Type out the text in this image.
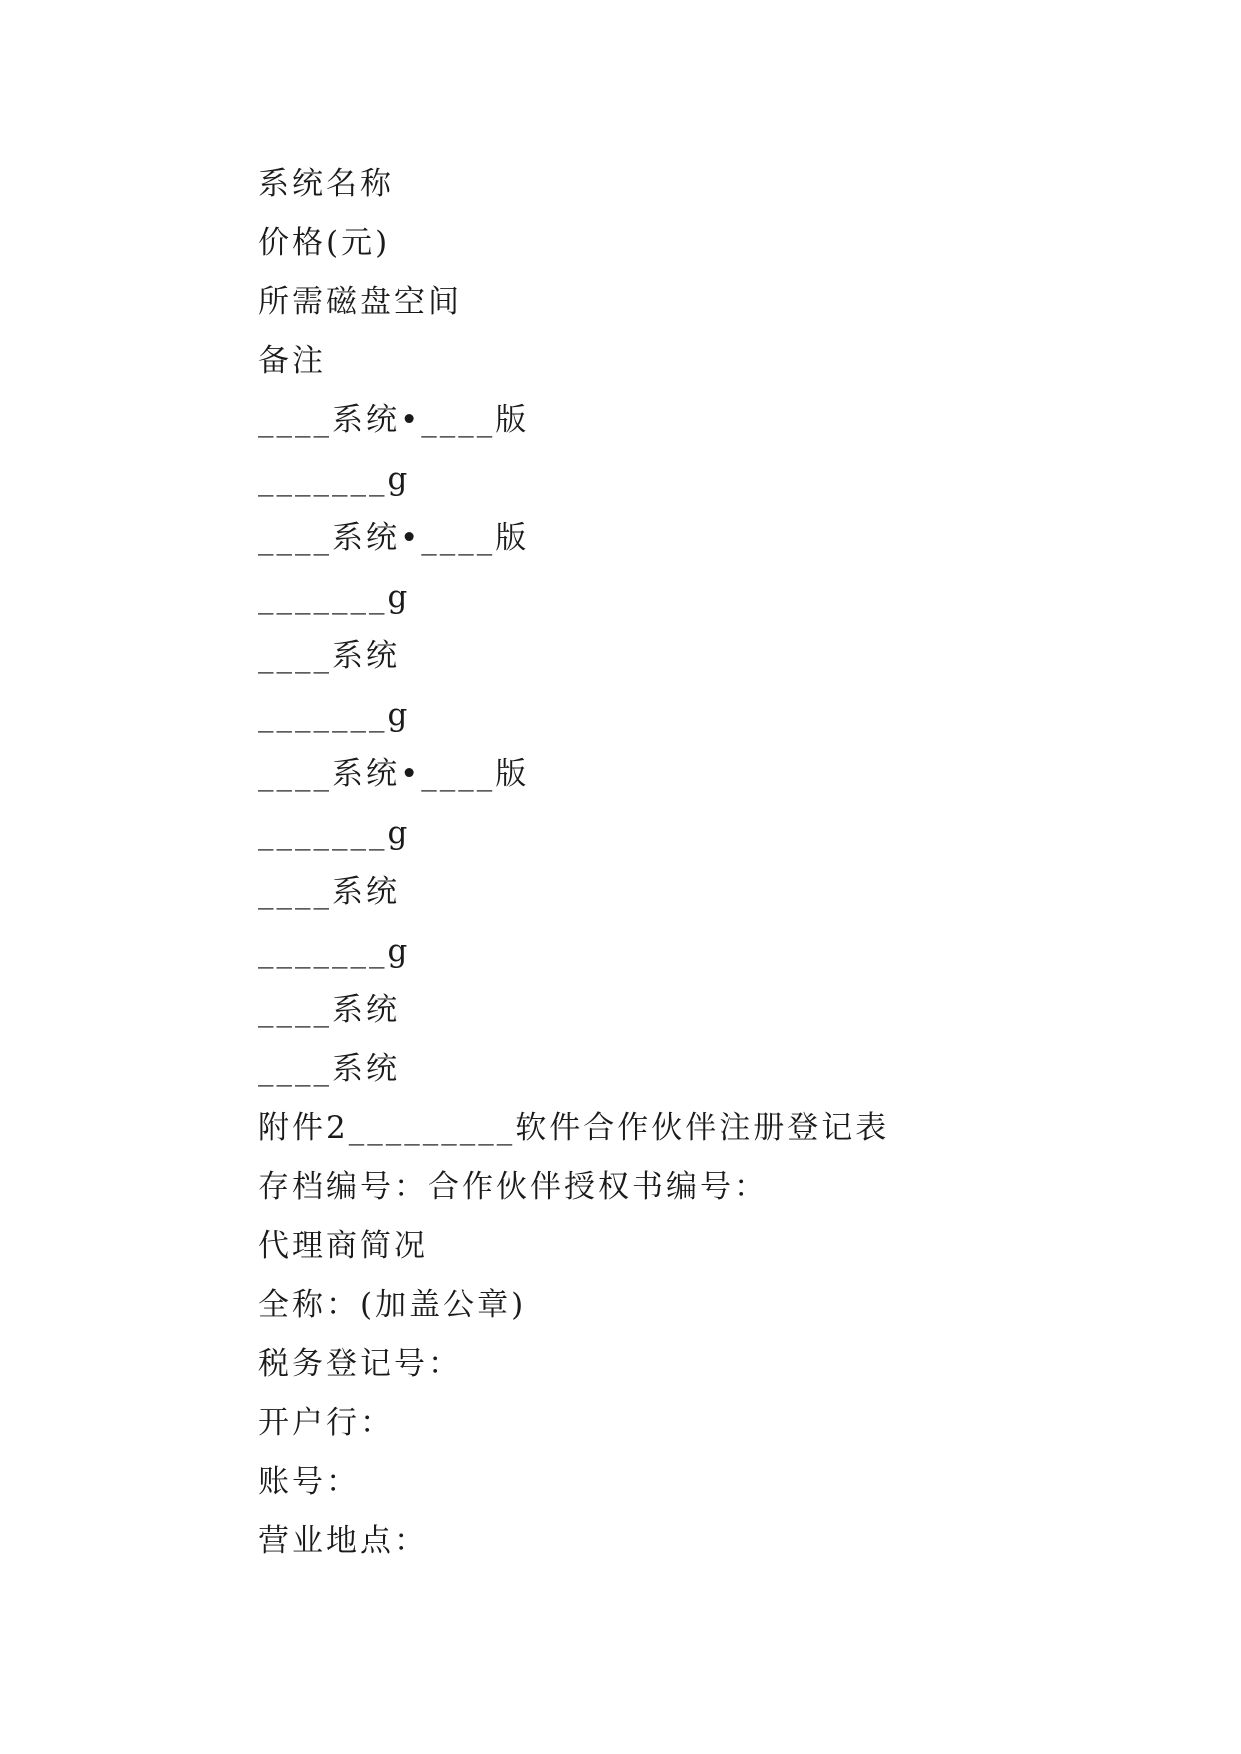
系统名称
价格(元)
所需磁盘空间
备注
____系统•____版
_______g
____系统•____版
_______g
____系统
_______g
____系统•____版
_______g
____系统
_______g
____系统
____系统
附件2_________软件合作伙伴注册登记表
存档编号：合作伙伴授权书编号：
代理商简况
全称：(加盖公章)
税务登记号：
开户行：
账号：
营业地点：
